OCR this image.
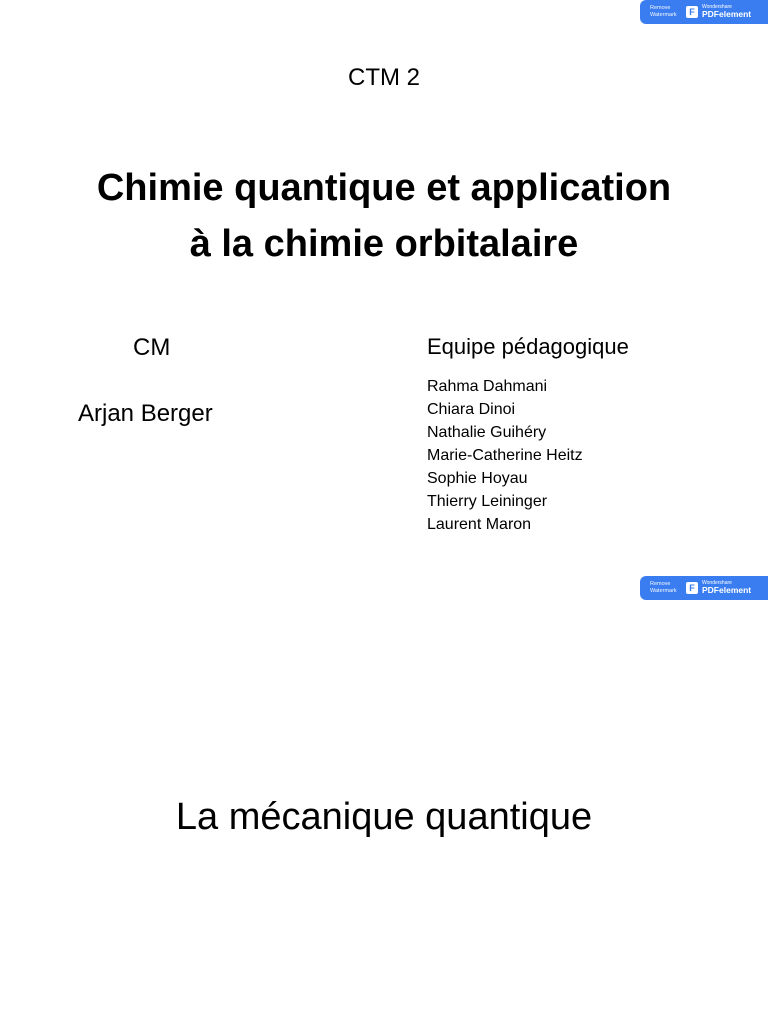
Remove
Watermark	F Wondershare
PDFelement
CTM 2
Chimie quantique et application
à la chimie orbitalaire
CM
Arjan Berger
Equipe pédagogique
Rahma Dahmani
Chiara Dinoi
Nathalie Guihéry
Marie-Catherine Heitz
Sophie Hoyau
Thierry Leininger
Laurent Maron
Remove
Watermark	F Wondershare
PDFelement
La mécanique quantique
